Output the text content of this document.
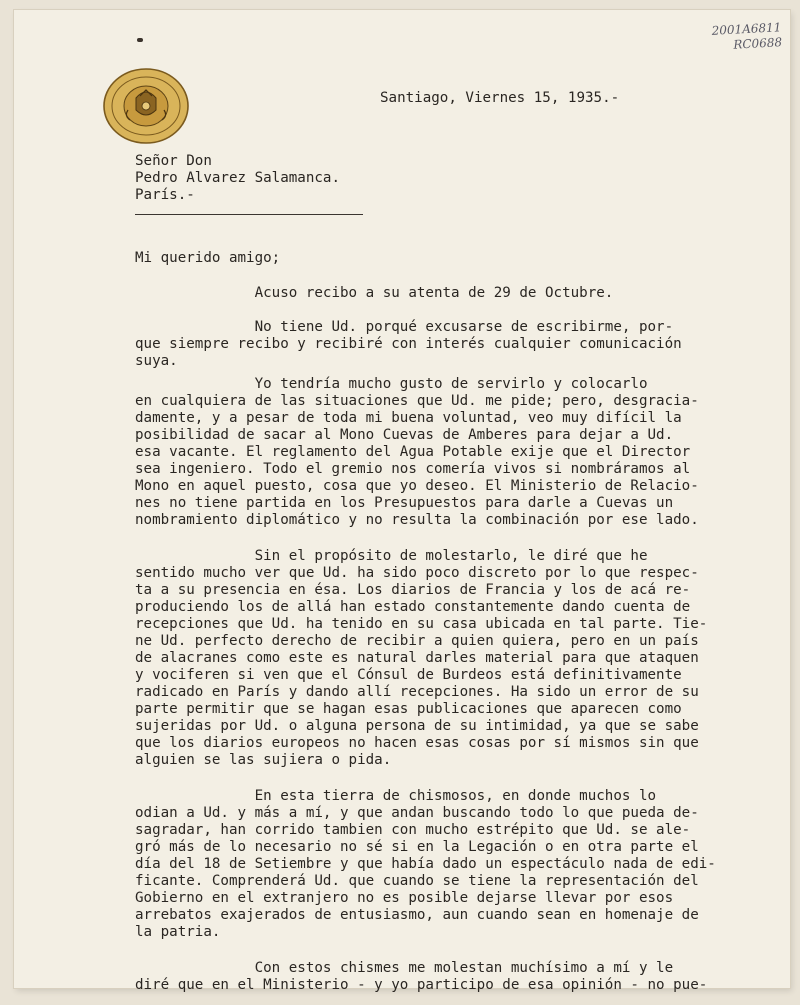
2001A6811
RC0688

Santiago, Viernes 15, 1935.-

Señor Don

Pedro Alvarez Salamanca.

París.-

Mi querido amigo;

Acuso recibo a su atenta de 29 de Octubre.

No tiene Ud. porqué excusarse de escribirme, por-

que siempre recibo y recibiré con interés cualquier comunicación

suya.

Yo tendría mucho gusto de servirlo y colocarlo

en cualquiera de las situaciones que Ud. me pide; pero, desgracia-

damente, y a pesar de toda mi buena voluntad, veo muy difícil la

posibilidad de sacar al Mono Cuevas de Amberes para dejar a Ud.

esa vacante. El reglamento del Agua Potable exije que el Director

sea ingeniero. Todo el gremio nos comería vivos si nombráramos al

Mono en aquel puesto, cosa que yo deseo. El Ministerio de Relacio-

nes no tiene partida en los Presupuestos para darle a Cuevas un

nombramiento diplomático y no resulta la combinación por ese lado.

Sin el propósito de molestarlo, le diré que he

sentido mucho ver que Ud. ha sido poco discreto por lo que respec-

ta a su presencia en ésa. Los diarios de Francia y los de acá re-

produciendo los de allá han estado constantemente dando cuenta de

recepciones que Ud. ha tenido en su casa ubicada en tal parte. Tie-

ne Ud. perfecto derecho de recibir a quien quiera, pero en un país

de alacranes como este es natural darles material para que ataquen

y vociferen si ven que el Cónsul de Burdeos está definitivamente

radicado en París y dando allí recepciones. Ha sido un error de su

parte permitir que se hagan esas publicaciones que aparecen como

sujeridas por Ud. o alguna persona de su intimidad, ya que se sabe

que los diarios europeos no hacen esas cosas por sí mismos sin que

alguien se las sujiera o pida.

En esta tierra de chismosos, en donde muchos lo

odian a Ud. y más a mí, y que andan buscando todo lo que pueda de-

sagradar, han corrido tambien con mucho estrépito que Ud. se ale-

gró más de lo necesario no sé si en la Legación o en otra parte el

día del 18 de Setiembre y que había dado un espectáculo nada de edi-

ficante. Comprenderá Ud. que cuando se tiene la representación del

Gobierno en el extranjero no es posible dejarse llevar por esos

arrebatos exajerados de entusiasmo, aun cuando sean en homenaje de

la patria.

Con estos chismes me molestan muchísimo a mí y le

diré que en el Ministerio - y yo participo de esa opinión - no pue-
